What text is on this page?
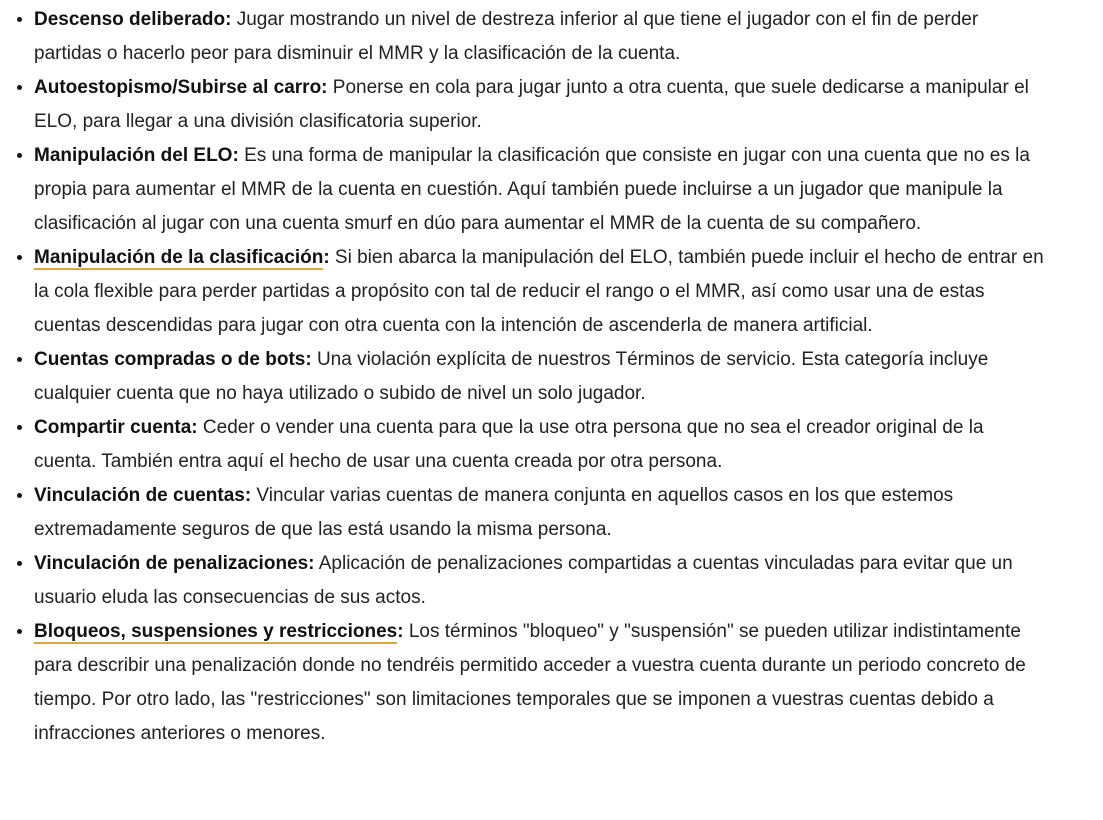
• Descenso deliberado: Jugar mostrando un nivel de destreza inferior al que tiene el jugador con el fin de perder partidas o hacerlo peor para disminuir el MMR y la clasificación de la cuenta.
• Autoestopismo/Subirse al carro: Ponerse en cola para jugar junto a otra cuenta, que suele dedicarse a manipular el ELO, para llegar a una división clasificatoria superior.
• Manipulación del ELO: Es una forma de manipular la clasificación que consiste en jugar con una cuenta que no es la propia para aumentar el MMR de la cuenta en cuestión. Aquí también puede incluirse a un jugador que manipule la clasificación al jugar con una cuenta smurf en dúo para aumentar el MMR de la cuenta de su compañero.
• Manipulación de la clasificación: Si bien abarca la manipulación del ELO, también puede incluir el hecho de entrar en la cola flexible para perder partidas a propósito con tal de reducir el rango o el MMR, así como usar una de estas cuentas descendidas para jugar con otra cuenta con la intención de ascenderla de manera artificial.
• Cuentas compradas o de bots: Una violación explícita de nuestros Términos de servicio. Esta categoría incluye cualquier cuenta que no haya utilizado o subido de nivel un solo jugador.
• Compartir cuenta: Ceder o vender una cuenta para que la use otra persona que no sea el creador original de la cuenta. También entra aquí el hecho de usar una cuenta creada por otra persona.
• Vinculación de cuentas: Vincular varias cuentas de manera conjunta en aquellos casos en los que estemos extremadamente seguros de que las está usando la misma persona.
• Vinculación de penalizaciones: Aplicación de penalizaciones compartidas a cuentas vinculadas para evitar que un usuario eluda las consecuencias de sus actos.
• Bloqueos, suspensiones y restricciones: Los términos "bloqueo" y "suspensión" se pueden utilizar indistintamente para describir una penalización donde no tendréis permitido acceder a vuestra cuenta durante un periodo concreto de tiempo. Por otro lado, las "restricciones" son limitaciones temporales que se imponen a vuestras cuentas debido a infracciones anteriores o menores.
